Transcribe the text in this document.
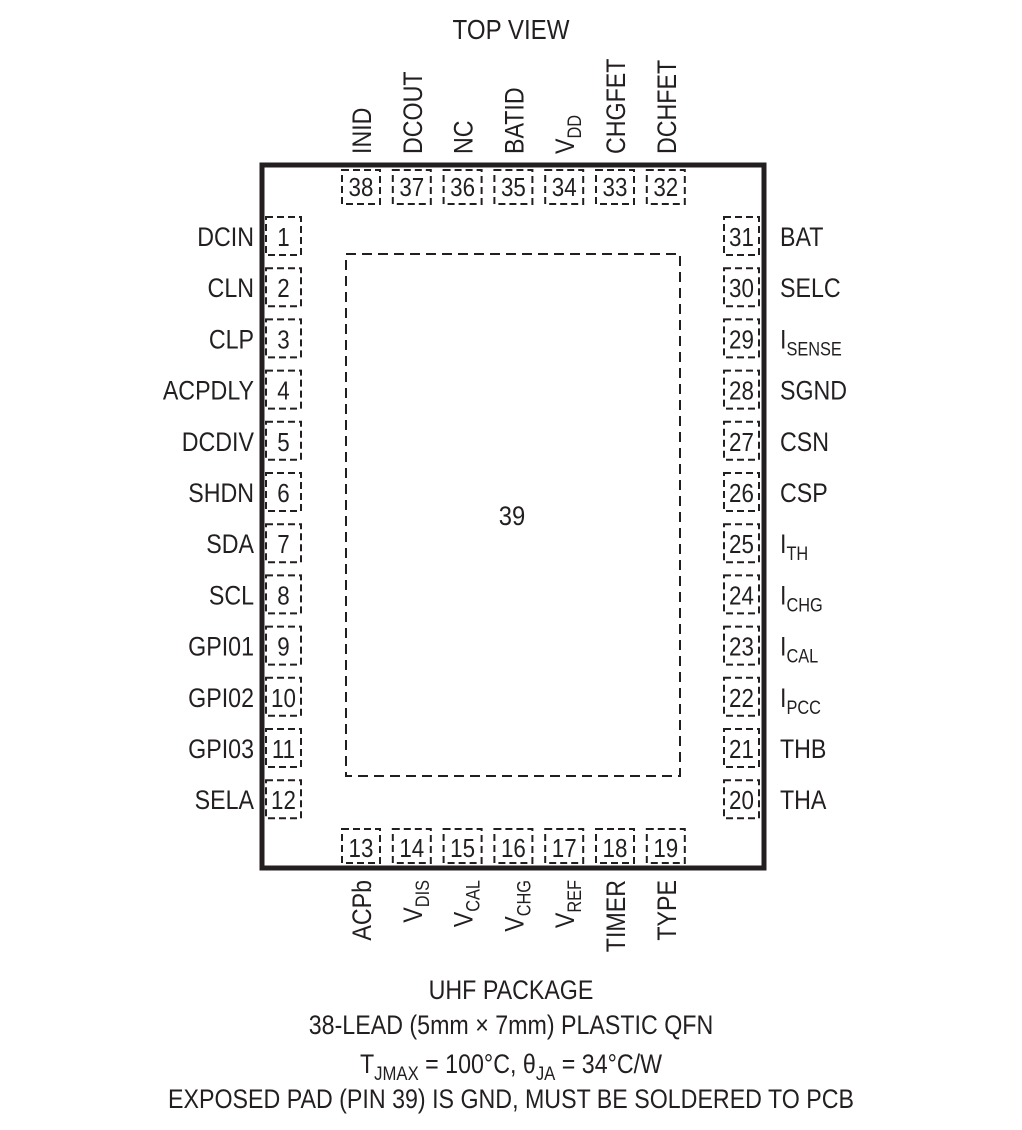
TOP VIEW
39
1
DCIN
2
CLN
3
CLP
4
ACPDLY
5
DCDIV
6
SHDN
7
SDA
8
SCL
9
GPI01
10
GPI02
11
GPI03
12
SELA
31 BAT
30 SELC
29 $I_{SENSE}$
28 SGND
27 CSN
26 CSP
25 $I_{TH}$
24 $I_{CHG}$
23 $I_{CAL}$
22 $I_{PCC}$
21 THB
20 THA
38
INID
37
DCOUT
36
NC
35
BATID
34
$V_{DD}$
33
CHGFET
32
DCHFET
13
ACPb
14
$V_{DIS}$
15
$V_{CAL}$
16
$V_{CHG}$
17
$V_{REF}$
18
TIMER
19
TYPE
UHF PACKAGE
38-LEAD (5mm × 7mm) PLASTIC QFN
$T_{JMAX} = 100^\circ C$, $\theta_{JA} = 34^\circ C/W$
EXPOSED PAD (PIN 39) IS GND, MUST BE SOLDERED TO PCB
